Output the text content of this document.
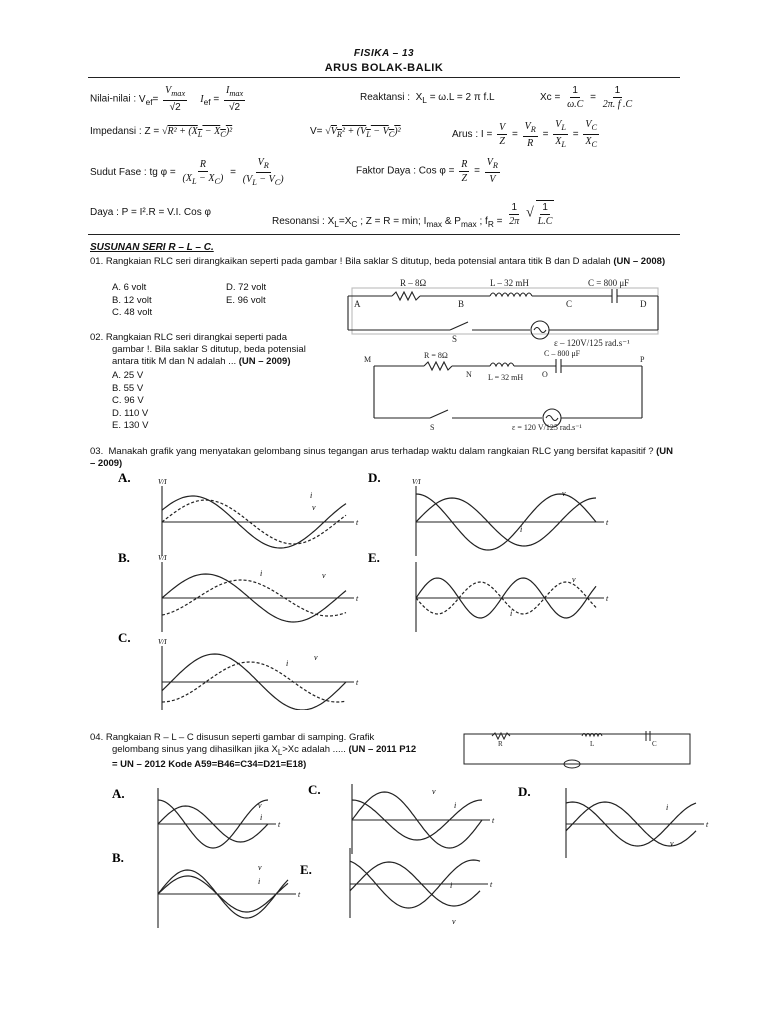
FISIKA – 13
ARUS BOLAK-BALIK
Nilai-nilai : $V_{ef}= \frac{V_{max}}{√2} I_{ef} = \frac{I_{max}}{√2}$	Reaktansi : $X_L = \omega.L = 2$ π f.L	$Xc = \frac{1}{\omega.C} = \frac{1}{2\pi. f .C}$
Impedansi : $Z = √R^2 + (X_L - X_C)^2$	$V= √V_R^2 + (V_L - V_C)^2$	Arus : $I = \frac{V}{Z} = \frac{V_R}{R} = \frac{V_L}{X_L} = \frac{V_C}{X_C}$
Sudut Fase : tg $\varphi = \frac{R}{(X_L - X_C)} = \frac{V_R}{(V_L - V_C)}$	Faktor Daya : Cos $\varphi = \frac{R}{Z} = \frac{V_R}{V}$
Daya : P = I².R = V.I. Cos φ
Resonansi : $X_L=X_C$ ; Z = R = min; $I_{max}$ & $P_{max}$ ; $f_R = \frac{1}{2\pi}$ √ $\frac{1}{L.C}$
SUSUNAN SERI R – L – C.
01. Rangkaian RLC seri dirangkaikan seperti pada gambar ! Bila saklar S ditutup, beda potensial antara titik B dan D adalah (UN – 2008)
A. 6 volt
B. 12 volt
C. 48 volt
D. 72 volt
E. 96 volt
R – 8Ω	L – 32 mH	C = 800 μF
A	B	C	D
S	ε – 120V/125 rad.s⁻¹
02. Rangkaian RLC seri dirangkai seperti pada
gambar !. Bila saklar S ditutup, beda potensial
antara titik M dan N adalah ... (UN – 2009)
A. 25 V
B. 55 V
C. 96 V
D. 110 V
E. 130 V
M	P
N	O
R = 8Ω
L = 32 mH
C – 800 μF
S	ε = 120 V/125 rad.s⁻¹
03. Manakah grafik yang menyatakan gelombang sinus tegangan arus terhadap waktu dalam rangkaian RLC yang bersifat kapasitif ? (UN – 2009)
A.
t
V/I
i
v
D.
t
V/I
v
i
B.
t
V/I
v
i
E.
t
v
i
C.
t
V/I
v
i
04. Rangkaian R – L – C disusun seperti gambar di samping. Grafik
gelombang sinus yang dihasilkan jika $X_L>Xc$ adalah ..... (UN – 2011 P12
= UN – 2012 Kode A59=B46=C34=D21=E18)
R	L	C
A.
t
v
i
C.
t
v
i
D.
t
i
v
B.
t
v
i
E.
t
i
v
